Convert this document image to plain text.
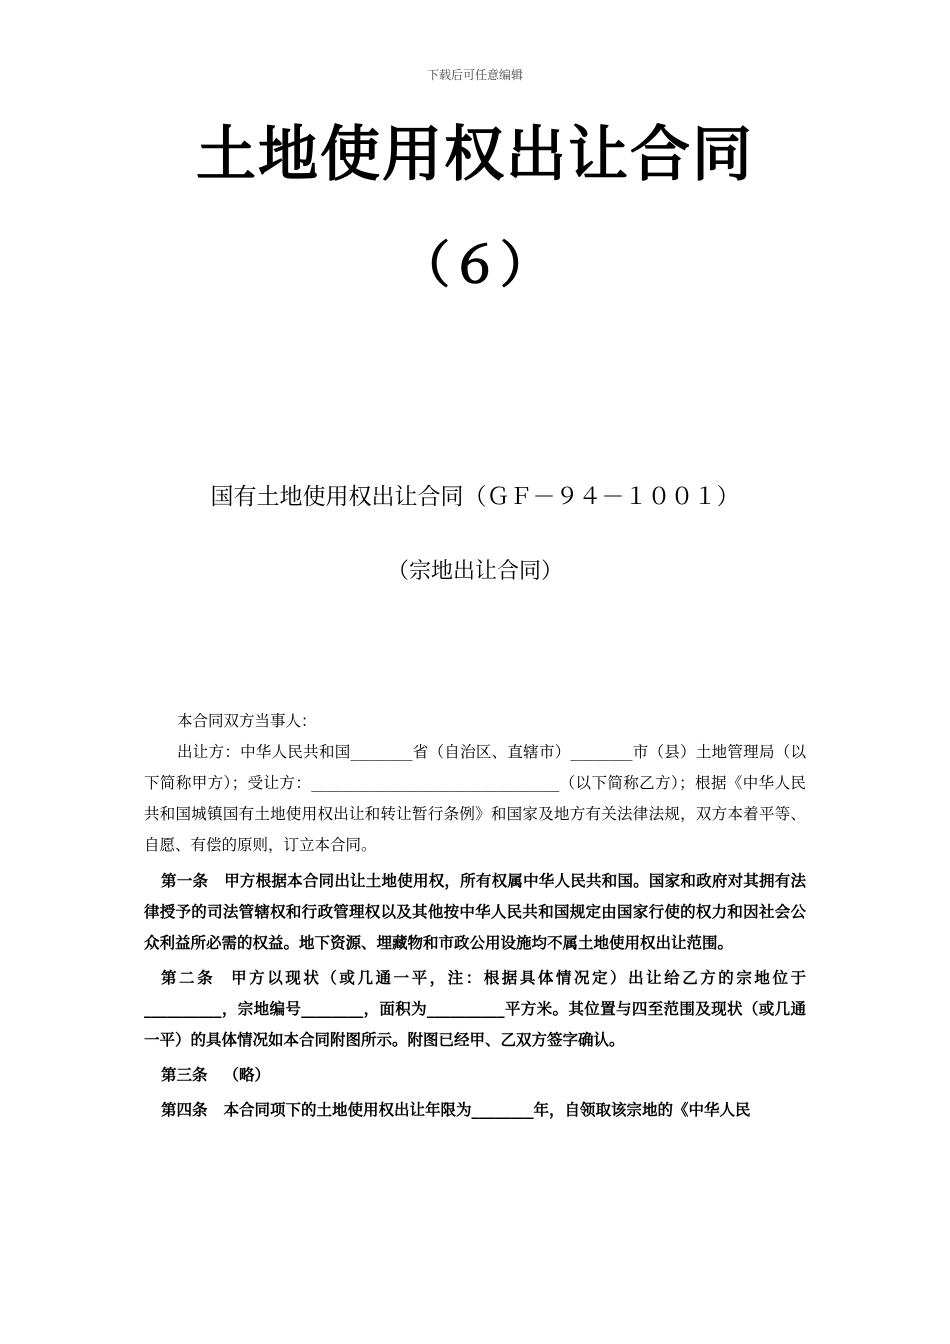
下载后可任意编辑
土地使用权出让合同
（６）
国有土地使用权出让合同（ＧＦ－９４－１００１）
（宗地出让合同）

本合同双方当事人：

出让方：中华人民共和国________省（自治区、直辖市）________市（县）土地管理局（以下简称甲方）；受让方：________________________________（以下简称乙方）；根据《中华人民共和国城镇国有土地使用权出让和转让暂行条例》和国家及地方有关法律法规，双方本着平等、自愿、有偿的原则，订立本合同。

第一条 甲方根据本合同出让土地使用权，所有权属中华人民共和国。国家和政府对其拥有法律授予的司法管辖权和行政管理权以及其他按中华人民共和国规定由国家行使的权力和因社会公众利益所必需的权益。地下资源、埋藏物和市政公用设施均不属土地使用权出让范围。

第二条 甲方以现状（或几通一平，注：根据具体情况定）出让给乙方的宗地位于__________，宗地编号________，面积为__________平方米。其位置与四至范围及现状（或几通一平）的具体情况如本合同附图所示。附图已经甲、乙双方签字确认。

第三条 （略）

第四条 本合同项下的土地使用权出让年限为________年，自领取该宗地的《中华人民
